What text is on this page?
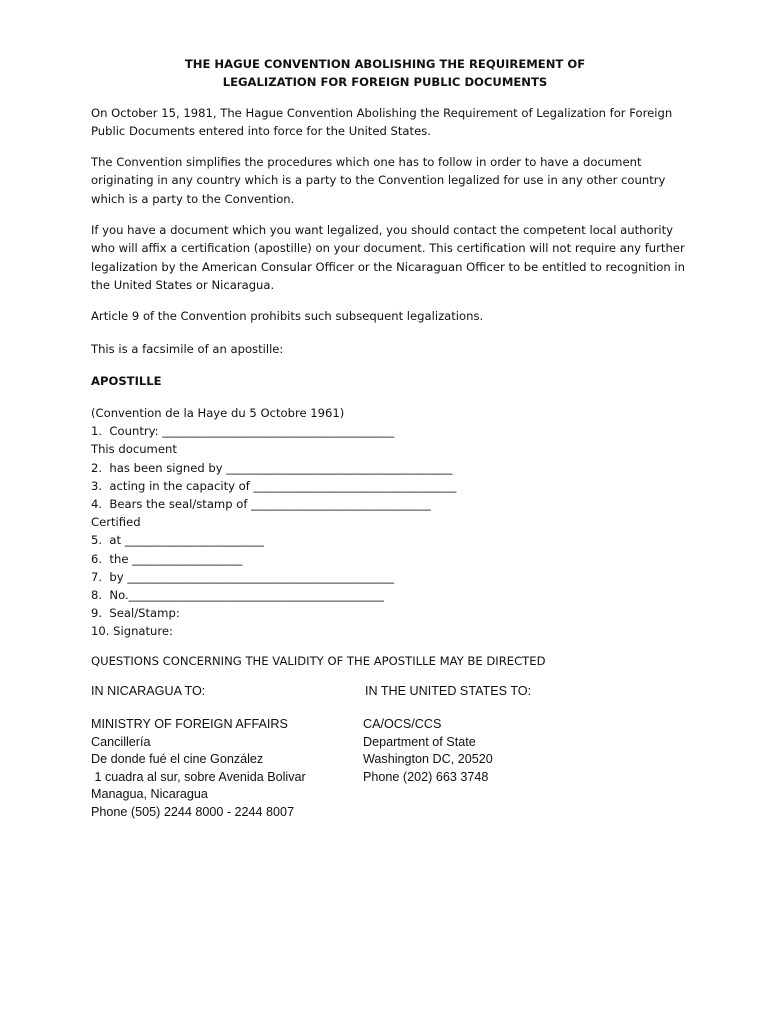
THE HAGUE CONVENTION ABOLISHING THE REQUIREMENT OF
LEGALIZATION FOR FOREIGN PUBLIC DOCUMENTS

On October 15, 1981, The Hague Convention Abolishing the Requirement of Legalization for Foreign Public Documents entered into force for the United States.

The Convention simplifies the procedures which one has to follow in order to have a document originating in any country which is a party to the Convention legalized for use in any other country which is a party to the Convention.

If you have a document which you want legalized, you should contact the competent local authority who will affix a certification (apostille) on your document. This certification will not require any further legalization by the American Consular Officer or the Nicaraguan Officer to be entitled to recognition in the United States or Nicaragua.

Article 9 of the Convention prohibits such subsequent legalizations.

This is a facsimile of an apostille:

APOSTILLE

(Convention de la Haye du 5 Octobre 1961)
1.  Country: ________________________________________
This document
2.  has been signed by _______________________________________
3.  acting in the capacity of ___________________________________
4.  Bears the seal/stamp of _______________________________
Certified
5.  at ________________________
6.  the ___________________
7.  by ______________________________________________
8.  No.____________________________________________
9.  Seal/Stamp:
10. Signature:

QUESTIONS CONCERNING THE VALIDITY OF THE APOSTILLE MAY BE DIRECTED

IN NICARAGUA TO:	IN THE UNITED STATES TO:
MINISTRY OF FOREIGN AFFAIRS
Cancillería
De donde fué el cine González
1 cuadra al sur, sobre Avenida Bolivar
Managua, Nicaragua
Phone (505) 2244 8000 - 2244 8007
CA/OCS/CCS
Department of State
Washington DC, 20520
Phone (202) 663 3748
